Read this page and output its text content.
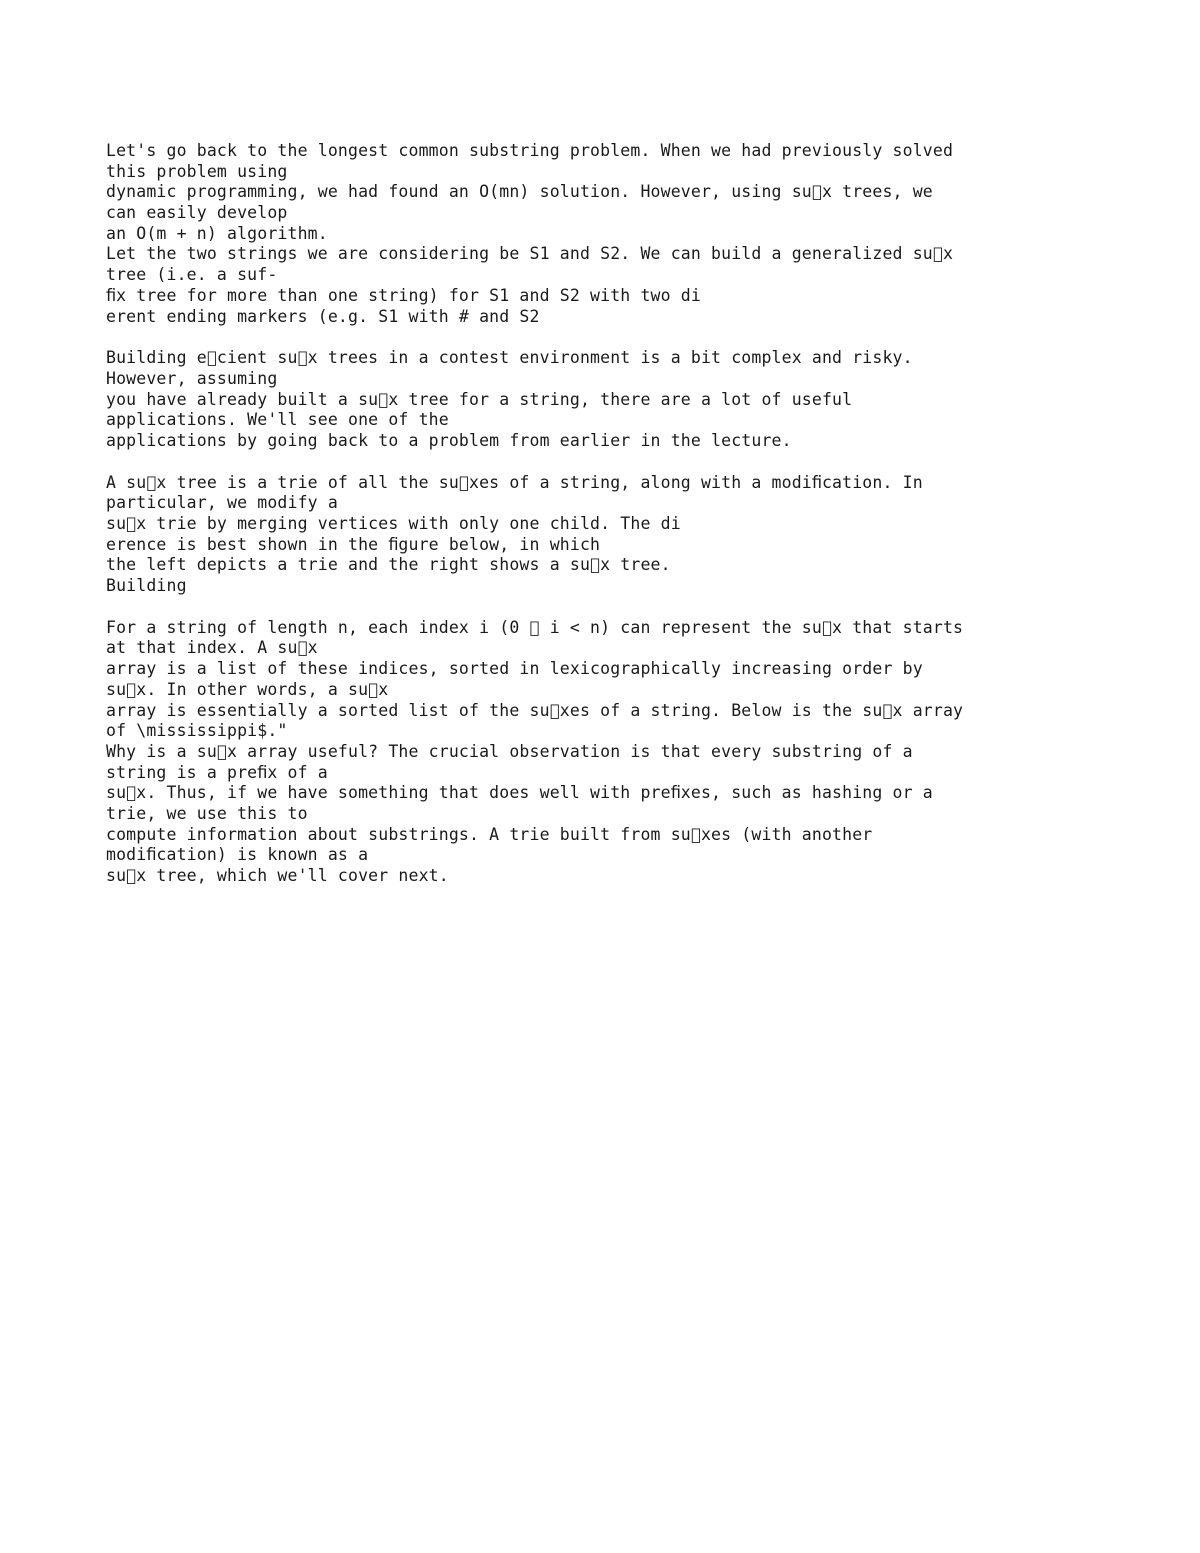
Let's go back to the longest common substring problem. When we had previously solved
this problem using
dynamic programming, we had found an O(mn) solution. However, using su x trees, we
can easily develop
an O(m + n) algorithm.
Let the two strings we are considering be S1 and S2. We can build a generalized su x
tree (i.e. a suf-
ﬁx tree for more than one string) for S1 and S2 with two di
erent ending markers (e.g. S1 with # and S2
Building e cient su x trees in a contest environment is a bit complex and risky.
However, assuming
you have already built a su x tree for a string, there are a lot of useful
applications. We'll see one of the
applications by going back to a problem from earlier in the lecture.
A su x tree is a trie of all the su xes of a string, along with a modiﬁcation. In
particular, we modify a
su x trie by merging vertices with only one child. The di
erence is best shown in the ﬁgure below, in which
the left depicts a trie and the right shows a su x tree.
Building
For a string of length n, each index i (0   i < n) can represent the su x that starts
at that index. A su x
array is a list of these indices, sorted in lexicographically increasing order by
su x. In other words, a su x
array is essentially a sorted list of the su xes of a string. Below is the su x array
of \mississippi$."
Why is a su x array useful? The crucial observation is that every substring of a
string is a preﬁx of a
su x. Thus, if we have something that does well with preﬁxes, such as hashing or a
trie, we use this to
compute information about substrings. A trie built from su xes (with another
modiﬁcation) is known as a
su x tree, which we'll cover next.
